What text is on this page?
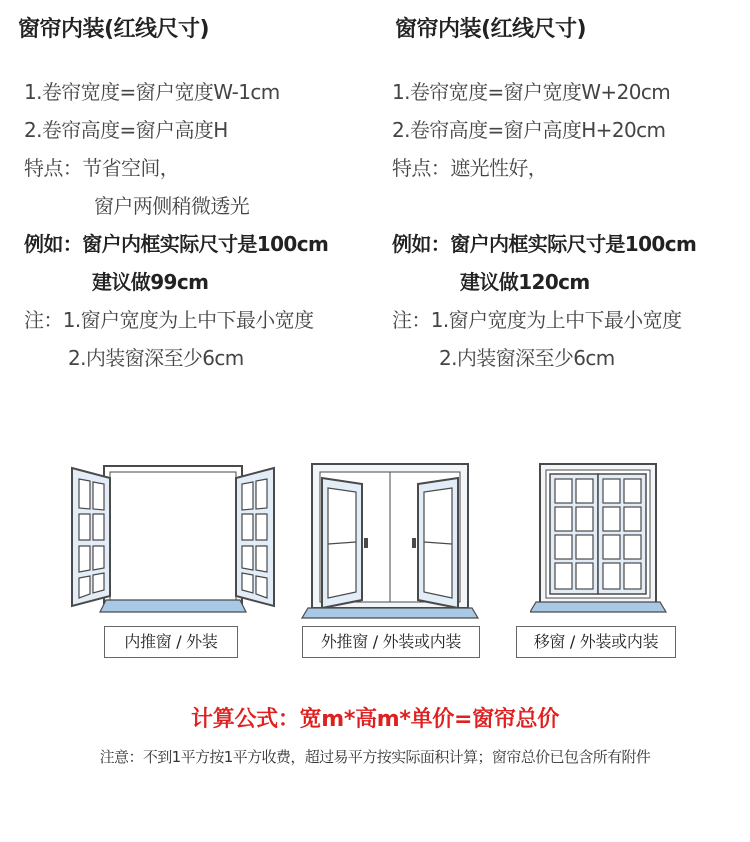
窗帘内装(红线尺寸)
1.卷帘宽度=窗户宽度W-1cm
2.卷帘高度=窗户高度H
特点：节省空间，
窗户两侧稍微透光
例如：窗户内框实际尺寸是100cm
建议做99cm
注：1.窗户宽度为上中下最小宽度
2.内装窗深至少6cm
窗帘内装(红线尺寸)
1.卷帘宽度=窗户宽度W+20cm
2.卷帘高度=窗户高度H+20cm
特点：遮光性好，
例如：窗户内框实际尺寸是100cm
建议做120cm
注：1.窗户宽度为上中下最小宽度
2.内装窗深至少6cm
内推窗 / 外装	外推窗 / 外装或内装	移窗 / 外装或内装
计算公式：宽m*高m*单价=窗帘总价
注意：不到1平方按1平方收费，超过易平方按实际面积计算；窗帘总价已包含所有附件
